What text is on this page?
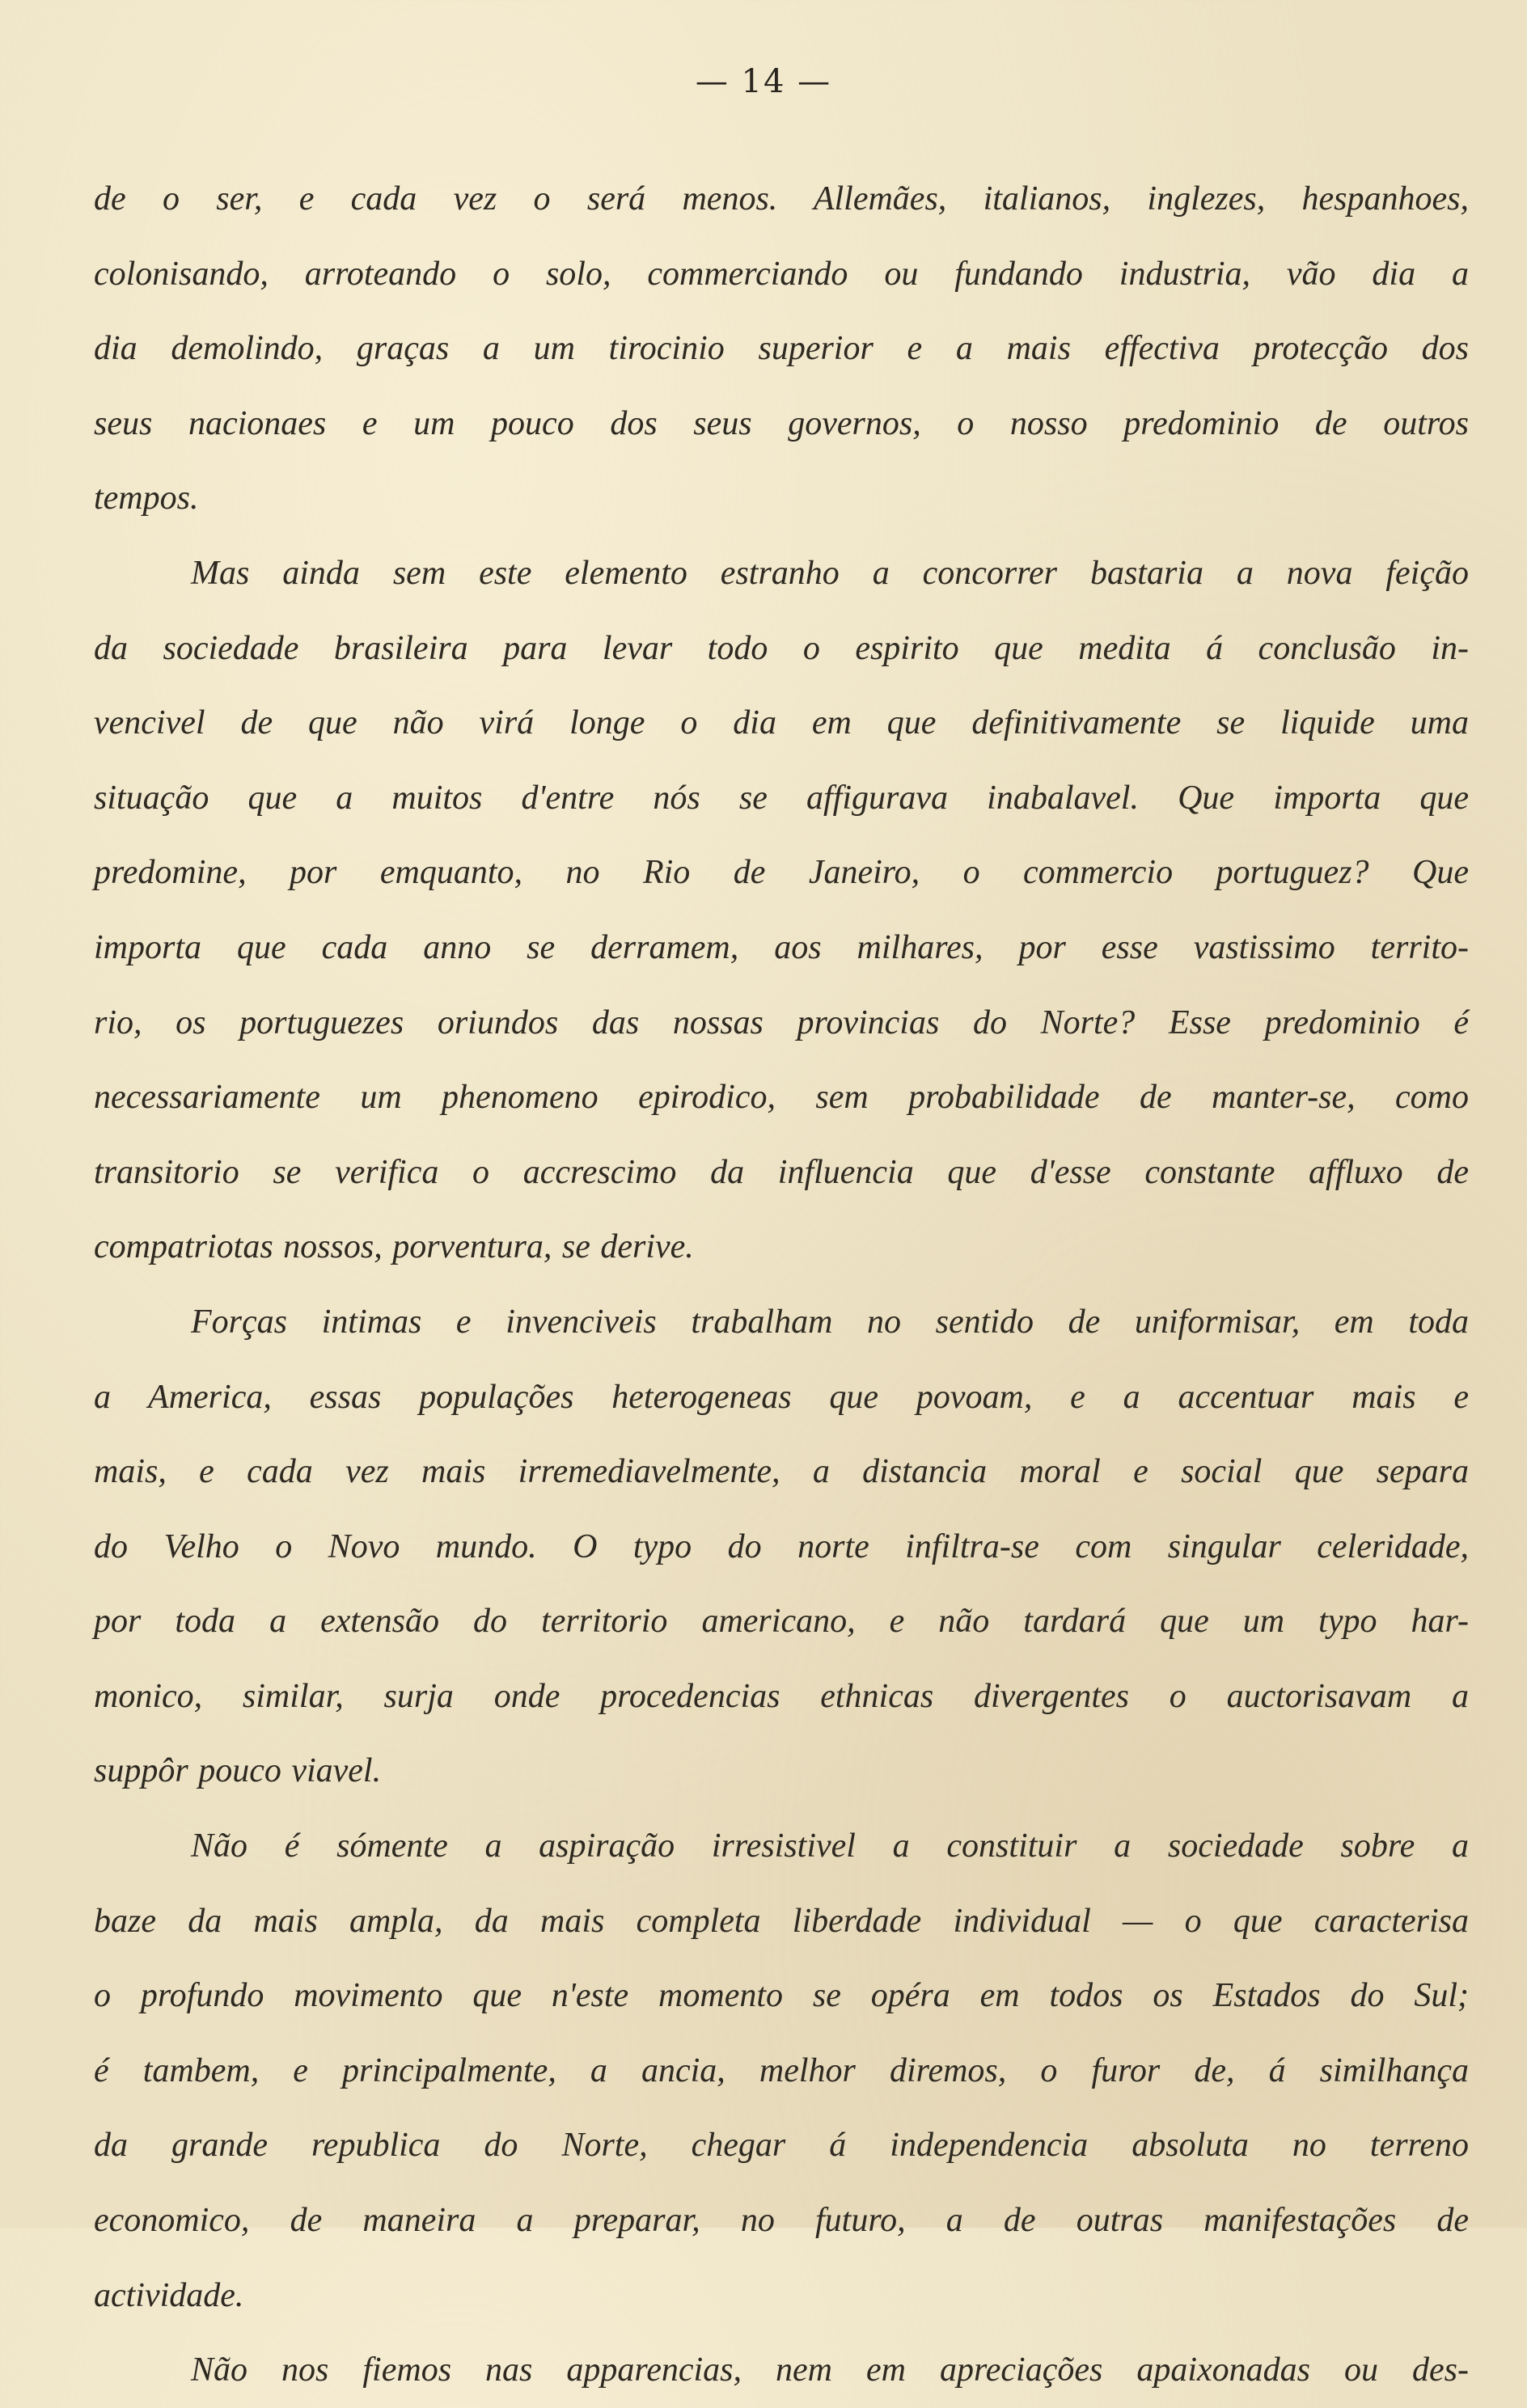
— 14 —
de o ser, e cada vez o será menos. Allemães, italianos, inglezes, hespanhoes,
colonisando, arroteando o solo, commerciando ou fundando industria, vão dia a
dia demolindo, graças a um tirocinio superior e a mais effectiva protecção dos
seus nacionaes e um pouco dos seus governos, o nosso predominio de outros
tempos.
Mas ainda sem este elemento estranho a concorrer bastaria a nova feição
da sociedade brasileira para levar todo o espirito que medita á conclusão in-
vencivel de que não virá longe o dia em que definitivamente se liquide uma
situação que a muitos d'entre nós se affigurava inabalavel. Que importa que
predomine, por emquanto, no Rio de Janeiro, o commercio portuguez? Que
importa que cada anno se derramem, aos milhares, por esse vastissimo territo-
rio, os portuguezes oriundos das nossas provincias do Norte? Esse predominio é
necessariamente um phenomeno epirodico, sem probabilidade de manter-se, como
transitorio se verifica o accrescimo da influencia que d'esse constante affluxo de
compatriotas nossos, porventura, se derive.
Forças intimas e invenciveis trabalham no sentido de uniformisar, em toda
a America, essas populações heterogeneas que povoam, e a accentuar mais e
mais, e cada vez mais irremediavelmente, a distancia moral e social que separa
do Velho o Novo mundo. O typo do norte infiltra-se com singular celeridade,
por toda a extensão do territorio americano, e não tardará que um typo har-
monico, similar, surja onde procedencias ethnicas divergentes o auctorisavam a
suppôr pouco viavel.
Não é sómente a aspiração irresistivel a constituir a sociedade sobre a
baze da mais ampla, da mais completa liberdade individual — o que caracterisa
o profundo movimento que n'este momento se opéra em todos os Estados do Sul;
é tambem, e principalmente, a ancia, melhor diremos, o furor de, á similhança
da grande republica do Norte, chegar á independencia absoluta no terreno
economico, de maneira a preparar, no futuro, a de outras manifestações de
actividade.
Não nos fiemos nas apparencias, nem em apreciações apaixonadas ou des-
